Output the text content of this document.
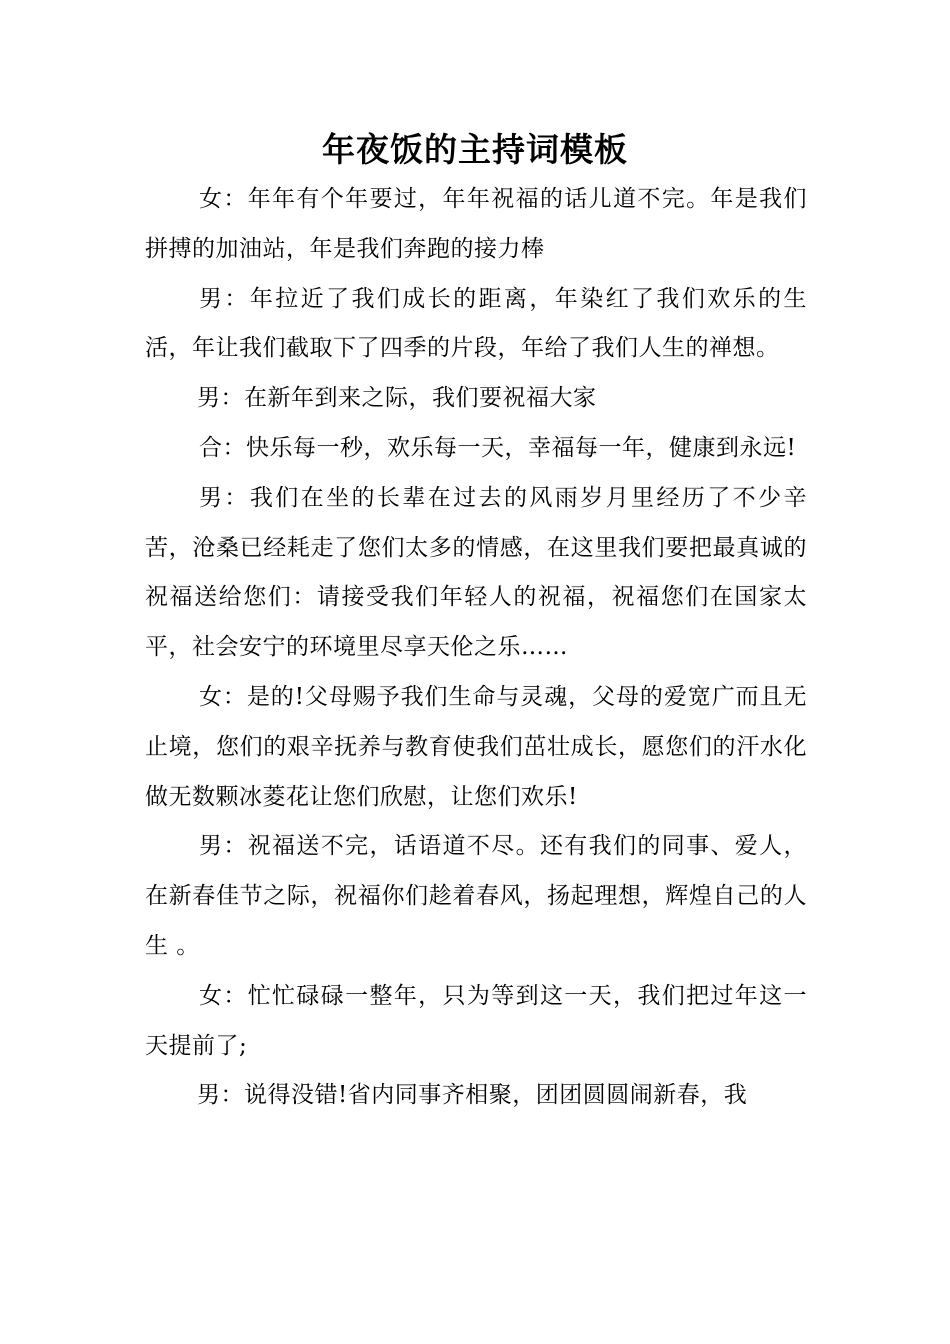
年夜饭的主持词模板

女：年年有个年要过，年年祝福的话儿道不完。年是我们拼搏的加油站，年是我们奔跑的接力棒

男：年拉近了我们成长的距离，年染红了我们欢乐的生活，年让我们截取下了四季的片段，年给了我们人生的禅想。

男：在新年到来之际，我们要祝福大家

合：快乐每一秒，欢乐每一天，幸福每一年，健康到永远!

男：我们在坐的长辈在过去的风雨岁月里经历了不少辛苦，沧桑已经耗走了您们太多的情感，在这里我们要把最真诚的祝福送给您们：请接受我们年轻人的祝福，祝福您们在国家太平，社会安宁的环境里尽享天伦之乐……

女：是的!父母赐予我们生命与灵魂，父母的爱宽广而且无止境，您们的艰辛抚养与教育使我们茁壮成长，愿您们的汗水化做无数颗冰菱花让您们欣慰，让您们欢乐!

男：祝福送不完，话语道不尽。还有我们的同事、爱人，在新春佳节之际，祝福你们趁着春风，扬起理想，辉煌自己的人生 。

女：忙忙碌碌一整年，只为等到这一天，我们把过年这一天提前了;

男：说得没错!省内同事齐相聚，团团圆圆闹新春，我
